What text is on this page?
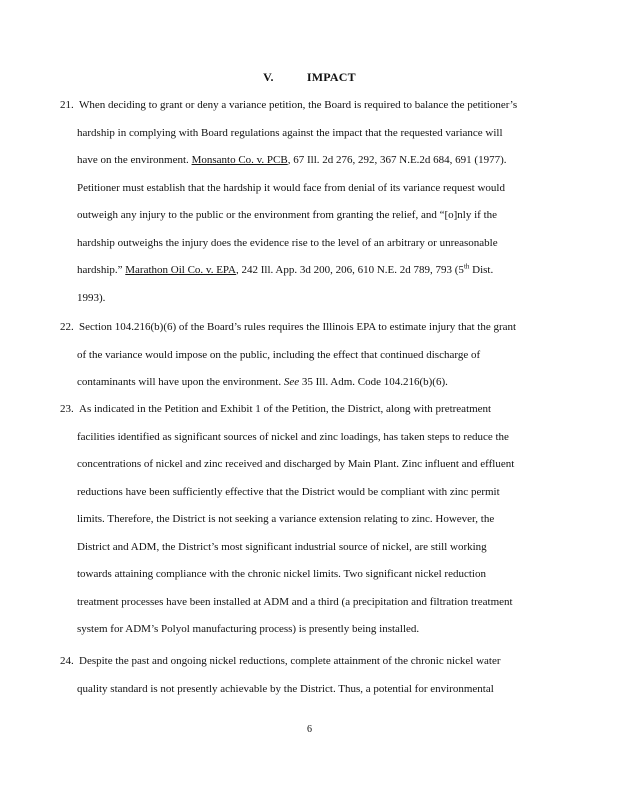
V.	IMPACT
21. When deciding to grant or deny a variance petition, the Board is required to balance the petitioner’s
hardship in complying with Board regulations against the impact that the requested variance will
have on the environment. Monsanto Co. v. PCB, 67 Ill. 2d 276, 292, 367 N.E.2d 684, 691 (1977).
Petitioner must establish that the hardship it would face from denial of its variance request would
outweigh any injury to the public or the environment from granting the relief, and “[o]nly if the
hardship outweighs the injury does the evidence rise to the level of an arbitrary or unreasonable
hardship.” Marathon Oil Co. v. EPA, 242 Ill. App. 3d 200, 206, 610 N.E. 2d 789, 793 (5th Dist.
1993).
22. Section 104.216(b)(6) of the Board’s rules requires the Illinois EPA to estimate injury that the grant
of the variance would impose on the public, including the effect that continued discharge of
contaminants will have upon the environment. See 35 Ill. Adm. Code 104.216(b)(6).
23. As indicated in the Petition and Exhibit 1 of the Petition, the District, along with pretreatment
facilities identified as significant sources of nickel and zinc loadings, has taken steps to reduce the
concentrations of nickel and zinc received and discharged by Main Plant. Zinc influent and effluent
reductions have been sufficiently effective that the District would be compliant with zinc permit
limits. Therefore, the District is not seeking a variance extension relating to zinc. However, the
District and ADM, the District’s most significant industrial source of nickel, are still working
towards attaining compliance with the chronic nickel limits. Two significant nickel reduction
treatment processes have been installed at ADM and a third (a precipitation and filtration treatment
system for ADM’s Polyol manufacturing process) is presently being installed.
24. Despite the past and ongoing nickel reductions, complete attainment of the chronic nickel water
quality standard is not presently achievable by the District. Thus, a potential for environmental
6
